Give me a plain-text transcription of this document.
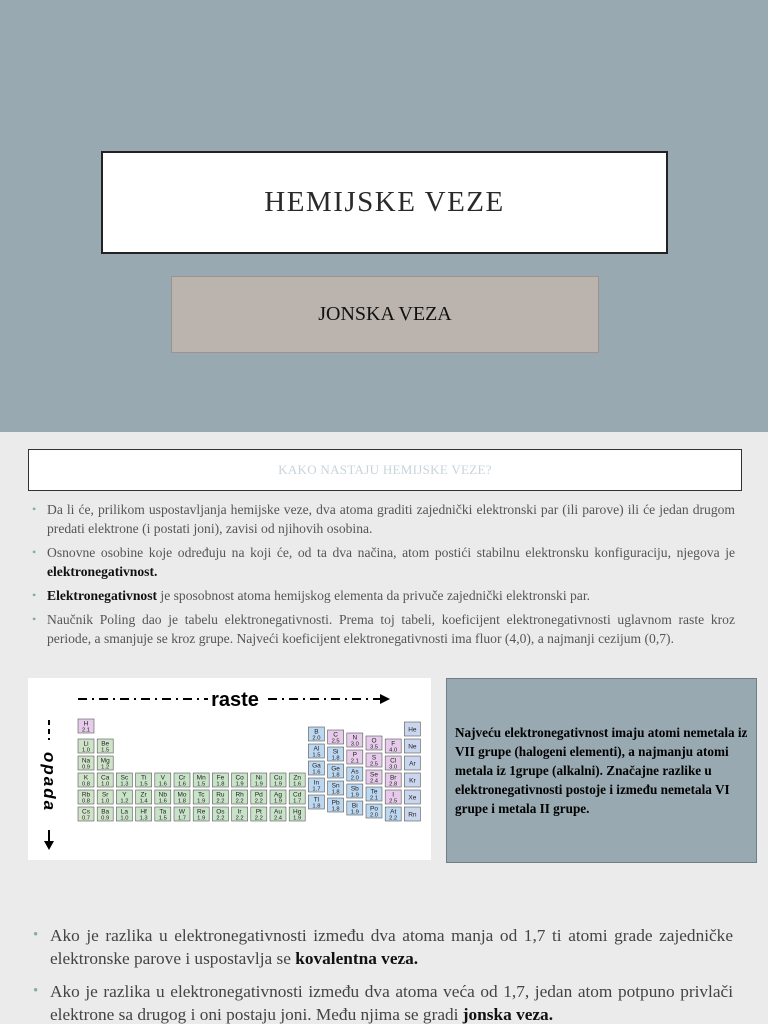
HEMIJSKE VEZE
JONSKA VEZA
KAKO NASTAJU HEMIJSKE VEZE?
• Da li će, prilikom uspostavljanja hemijske veze, dva atoma graditi zajednički elektronski par (ili parove) ili će jedan drugom predati elektrone (i postati joni), zavisi od njihovih osobina.
• Osnovne osobine koje određuju na koji će, od ta dva načina, atom postići stabilnu elektronsku konfiguraciju, njegova je elektronegativnost.
• Elektronegativnost je sposobnost atoma hemijskog elementa da privuče zajednički elektronski par.
• Naučnik Poling dao je tabelu elektronegativnosti. Prema toj tabeli, koeficijent elektronegativnosti uglavnom raste kroz periode, a smanjuje se kroz grupe. Najveći koeficijent elektronegativnosti ima fluor (4,0), a najmanji cezijum (0,7).
raste
opada
H
2.1
Li
1.0
Be
1.5
Na
0.9
Mg
1.2
K
0.8
Ca
1.0
Rb
0.8
Sr
1.0
Cs
0.7
Ba
0.9
Sc
1.3
Ti
1.5
V
1.6
Cr
1.6
Mn
1.5
Fe
1.8
Co
1.9
Ni
1.9
Cu
1.9
Zn
1.6
Y
1.2
Zr
1.4
Nb
1.6
Mo
1.8
Tc
1.9
Ru
2.2
Rh
2.2
Pd
2.2
Ag
1.9
Cd
1.7
La
1.0
Hf
1.3
Ta
1.5
W
1.7
Re
1.9
Os
2.2
Ir
2.2
Pt
2.2
Au
2.4
Hg
1.9
B
2.0 C
2.5 N
3.0 O
3.5 F
4.0
Al
1.5 Si
1.8 P
2.1 S
2.5 Cl
3.0
Ga
1.6 Ge
1.8 As
2.0 Se
2.4 Br
2.8
In
1.7 Sn
1.8 Sb
1.9 Te
2.1 I
2.5
Tl
1.8 Pb
1.8 Bi
1.9 Po
2.0 At
2.2
He
Ne
Ar
Kr
Xe
Rn

Najveću elektronegativnost imaju atomi nemetala iz VII grupe (halogeni elementi), a najmanju atomi metala iz 1grupe (alkalni). Značajne razlike u elektronegativnosti postoje i između nemetala VI grupe i metala II grupe.

• Ako je razlika u elektronegativnosti između dva atoma manja od 1,7 ti atomi grade zajedničke elektronske parove i uspostavlja se kovalentna veza.
• Ako je razlika u elektronegativnosti između dva atoma veća od 1,7, jedan atom potpuno privlači elektrone sa drugog i oni postaju joni. Među njima se gradi jonska veza.
